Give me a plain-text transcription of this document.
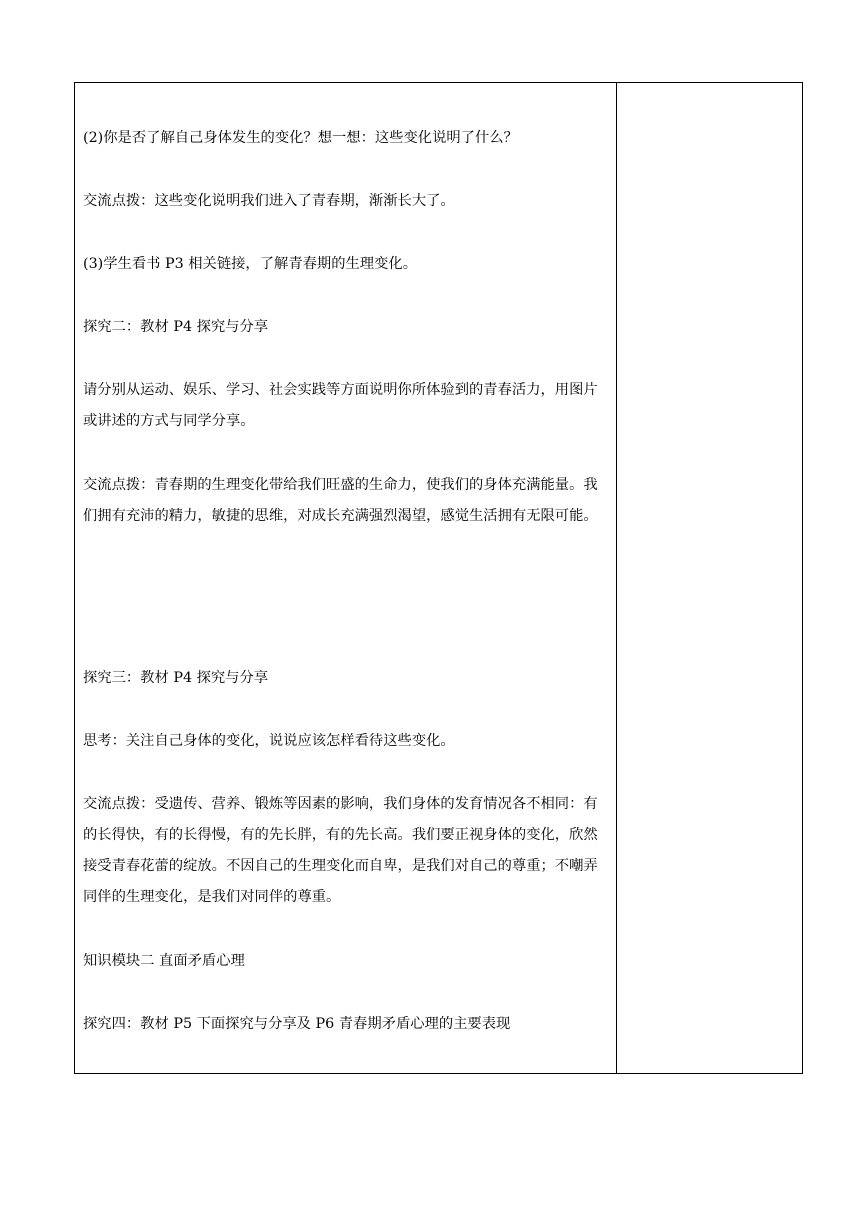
(2)你是否了解自己身体发生的变化？想一想：这些变化说明了什么？

交流点拨：这些变化说明我们进入了青春期，渐渐长大了。

(3)学生看书 P3 相关链接，了解青春期的生理变化。

探究二：教材 P4 探究与分享

请分别从运动、娱乐、学习、社会实践等方面说明你所体验到的青春活力，用图片或讲述的方式与同学分享。

交流点拨：青春期的生理变化带给我们旺盛的生命力，使我们的身体充满能量。我们拥有充沛的精力，敏捷的思维，对成长充满强烈渴望，感觉生活拥有无限可能。

探究三：教材 P4 探究与分享

思考：关注自己身体的变化，说说应该怎样看待这些变化。

交流点拨：受遗传、营养、锻炼等因素的影响，我们身体的发育情况各不相同：有的长得快，有的长得慢，有的先长胖，有的先长高。我们要正视身体的变化，欣然接受青春花蕾的绽放。不因自己的生理变化而自卑，是我们对自己的尊重；不嘲弄同伴的生理变化，是我们对同伴的尊重。

知识模块二 直面矛盾心理

探究四：教材 P5 下面探究与分享及 P6 青春期矛盾心理的主要表现
